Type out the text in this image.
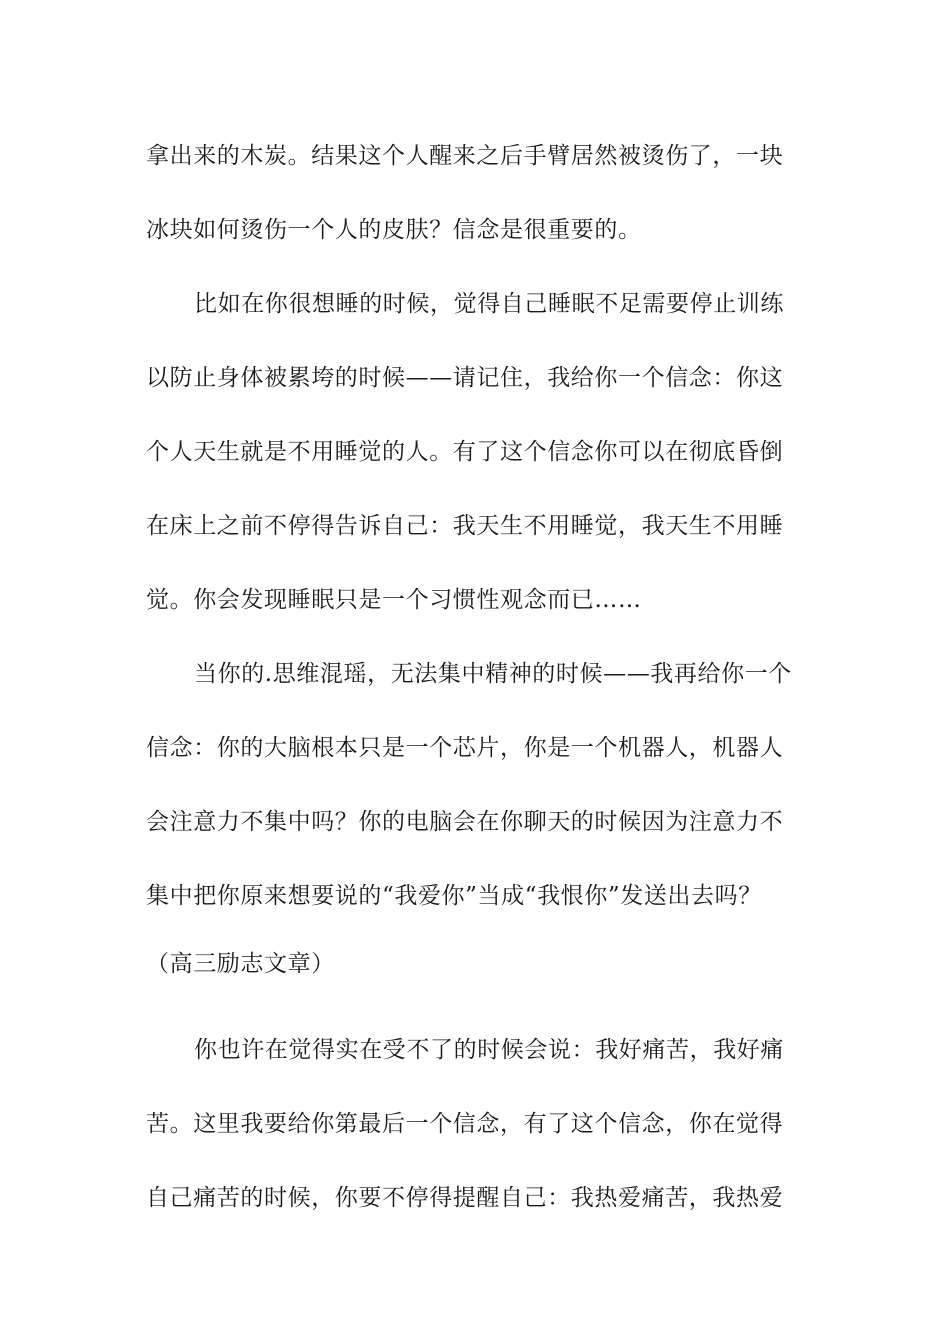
拿出来的木炭。结果这个人醒来之后手臂居然被烫伤了，一块
冰块如何烫伤一个人的皮肤？信念是很重要的。
比如在你很想睡的时候，觉得自己睡眠不足需要停止训练
以防止身体被累垮的时候——请记住，我给你一个信念：你这
个人天生就是不用睡觉的人。有了这个信念你可以在彻底昏倒
在床上之前不停得告诉自己：我天生不用睡觉，我天生不用睡
觉。你会发现睡眠只是一个习惯性观念而已……
当你的.思维混瑶，无法集中精神的时候——我再给你一个
信念：你的大脑根本只是一个芯片，你是一个机器人，机器人
会注意力不集中吗？你的电脑会在你聊天的时候因为注意力不
集中把你原来想要说的“我爱你”当成“我恨你”发送出去吗？
（高三励志文章）
你也许在觉得实在受不了的时候会说：我好痛苦，我好痛
苦。这里我要给你第最后一个信念，有了这个信念，你在觉得
自己痛苦的时候，你要不停得提醒自己：我热爱痛苦，我热爱
